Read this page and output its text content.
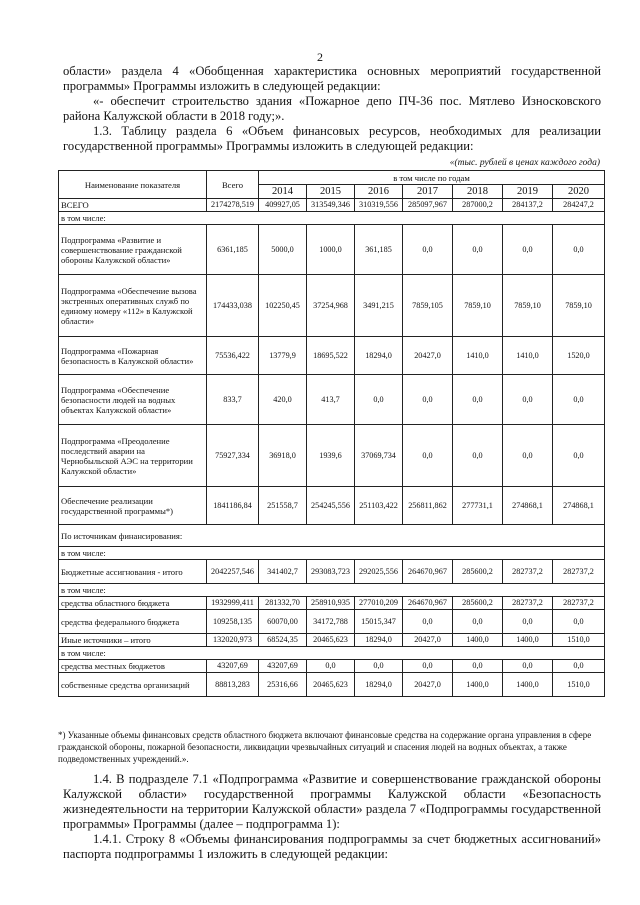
2

области» раздела 4 «Обобщенная характеристика основных мероприятий государственной программы» Программы изложить в следующей редакции:

«- обеспечит строительство здания «Пожарное депо ПЧ-36 пос. Мятлево Износковского района Калужской области в 2018 году;».

1.3. Таблицу раздела 6 «Объем финансовых ресурсов, необходимых для реализации государственной программы» Программы изложить в следующей редакции:

«(тыс. рублей в ценах каждого года)
Наименование показателя	Всего	в том числе по годам						
		2014	2015	2016	2017	2018	2019	2020
ВСЕГО	2174278,519	409927,05	313549,346	310319,556	285097,967	287000,2	284137,2	284247,2
в том числе:								
Подпрограмма «Развитие и совершенствование гражданской обороны Калужской области»	6361,185	5000,0	1000,0	361,185	0,0	0,0	0,0	0,0
Подпрограмма «Обеспечение вызова экстренных оперативных служб по единому номеру «112» в Калужской области»	174433,038	102250,45	37254,968	3491,215	7859,105	7859,10	7859,10	7859,10
Подпрограмма «Пожарная безопасность в Калужской области»	75536,422	13779,9	18695,522	18294,0	20427,0	1410,0	1410,0	1520,0
Подпрограмма «Обеспечение безопасности людей на водных объектах Калужской области»	833,7	420,0	413,7	0,0	0,0	0,0	0,0	0,0
Подпрограмма «Преодоление последствий аварии на Чернобыльской АЭС на территории Калужской области»	75927,334	36918,0	1939,6	37069,734	0,0	0,0	0,0	0,0
Обеспечение реализации государственной программы*)	1841186,84	251558,7	254245,556	251103,422	256811,862	277731,1	274868,1	274868,1
По источникам финансирования:								
в том числе:								
Бюджетные ассигнования - итого	2042257,546	341402,7	293083,723	292025,556	264670,967	285600,2	282737,2	282737,2
в том числе:								
средства областного бюджета	1932999,411	281332,70	258910,935	277010,209	264670,967	285600,2	282737,2	282737,2
средства федерального бюджета	109258,135	60070,00	34172,788	15015,347	0,0	0,0	0,0	0,0
Иные источники – итого	132020,973	68524,35	20465,623	18294,0	20427,0	1400,0	1400,0	1510,0
в том числе:								
средства местных бюджетов	43207,69	43207,69	0,0	0,0	0,0	0,0	0,0	0,0
собственные средства организаций	88813,283	25316,66	20465,623	18294,0	20427,0	1400,0	1400,0	1510,0

*) Указанные объемы финансовых средств областного бюджета включают финансовые средства на содержание органа управления в сфере гражданской обороны, пожарной безопасности, ликвидации чрезвычайных ситуаций и спасения людей на водных объектах, а также подведомственных учреждений.».

1.4. В подразделе 7.1 «Подпрограмма «Развитие и совершенствование гражданской обороны Калужской области» государственной программы Калужской области «Безопасность жизнедеятельности на территории Калужской области» раздела 7 «Подпрограммы государственной программы» Программы (далее – подпрограмма 1):

1.4.1. Строку 8 «Объемы финансирования подпрограммы за счет бюджетных ассигнований» паспорта подпрограммы 1 изложить в следующей редакции:
